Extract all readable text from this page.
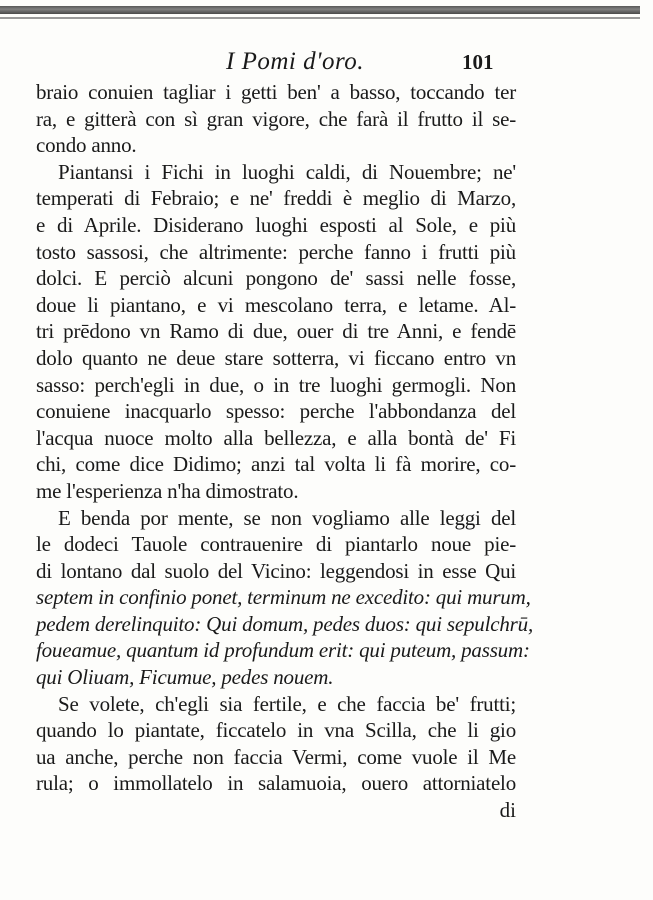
I Pomi d'oro.	101
braio conuien tagliar i getti ben' a basso, toccando ter
ra, e gitterà con sì gran vigore, che farà il frutto il se-
condo anno.
Piantansi i Fichi in luoghi caldi, di Nouembre; ne'
temperati di Febraio; e ne' freddi è meglio di Marzo,
e di Aprile. Disiderano luoghi esposti al Sole, e più
tosto sassosi, che altrimente: perche fanno i frutti più
dolci. E perciò alcuni pongono de' sassi nelle fosse,
doue li piantano, e vi mescolano terra, e letame. Al-
tri prēdono vn Ramo di due, ouer di tre Anni, e fendē
dolo quanto ne deue stare sotterra, vi ficcano entro vn
sasso: perch'egli in due, o in tre luoghi germogli. Non
conuiene inacquarlo spesso: perche l'abbondanza del
l'acqua nuoce molto alla bellezza, e alla bontà de' Fi
chi, come dice Didimo; anzi tal volta li fà morire, co-
me l'esperienza n'ha dimostrato.
E benda por mente, se non vogliamo alle leggi del
le dodeci Tauole contrauenire di piantarlo noue pie-
di lontano dal suolo del Vicino: leggendosi in esse Qui
septem in confinio ponet, terminum ne excedito: qui murum,
pedem derelinquito: Qui domum, pedes duos: qui sepulchrū,
foueamue, quantum id profundum erit: qui puteum, passum:
qui Oliuam, Ficumue, pedes nouem.
Se volete, ch'egli sia fertile, e che faccia be' frutti;
quando lo piantate, ficcatelo in vna Scilla, che li gio
ua anche, perche non faccia Vermi, come vuole il Me
rula; o immollatelo in salamuoia, ouero attorniatelo
di
